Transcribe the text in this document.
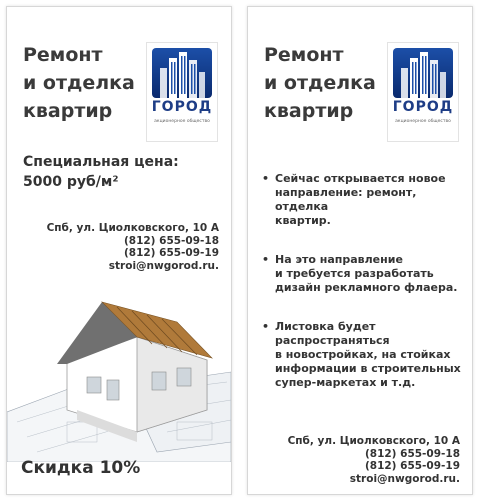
Ремонт
и отделка
квартир	ГОРОД
акционерное общество
Специальная цена:
5000 руб/м²
Спб, ул. Циолковского, 10 А
(812) 655-09-18
(812) 655-09-19
stroi@nwgorod.ru.
Скидка 10%
Ремонт
и отделка
квартир	ГОРОД
акционерное общество
• Сейчас открывается новое
направление: ремонт, отделка
квартир.
• На это направление
и требуется разработать
дизайн рекламного флаера.
• Листовка будет
распространяться
в новостройках, на стойках
информации в строительных
супер-маркетах и т.д.
Спб, ул. Циолковского, 10 А
(812) 655-09-18
(812) 655-09-19
stroi@nwgorod.ru.
